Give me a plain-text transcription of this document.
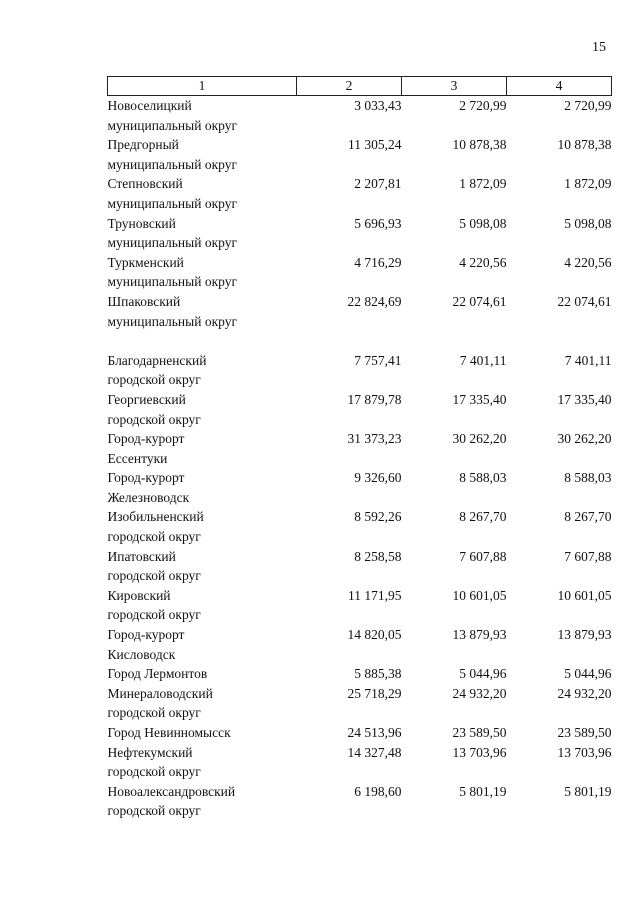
15
1	2	3	4

Новоселицкий
муниципальный округ	3 033,43	2 720,99	2 720,99

Предгорный
муниципальный округ	11 305,24	10 878,38	10 878,38

Степновский
муниципальный округ	2 207,81	1 872,09	1 872,09

Труновский
муниципальный округ	5 696,93	5 098,08	5 098,08

Туркменский
муниципальный округ	4 716,29	4 220,56	4 220,56

Шпаковский
муниципальный округ	22 824,69	22 074,61	22 074,61

Благодарненский
городской округ	7 757,41	7 401,11	7 401,11

Георгиевский
городской округ	17 879,78	17 335,40	17 335,40

Город-курорт
Ессентуки	31 373,23	30 262,20	30 262,20

Город-курорт
Железноводск	9 326,60	8 588,03	8 588,03

Изобильненский
городской округ	8 592,26	8 267,70	8 267,70

Ипатовский
городской округ	8 258,58	7 607,88	7 607,88

Кировский
городской округ	11 171,95	10 601,05	10 601,05

Город-курорт
Кисловодск	14 820,05	13 879,93	13 879,93

Город Лермонтов	5 885,38	5 044,96	5 044,96

Минераловодский
городской округ	25 718,29	24 932,20	24 932,20

Город Невинномысск	24 513,96	23 589,50	23 589,50

Нефтекумский
городской округ	14 327,48	13 703,96	13 703,96

Новоалександровский
городской округ	6 198,60	5 801,19	5 801,19
